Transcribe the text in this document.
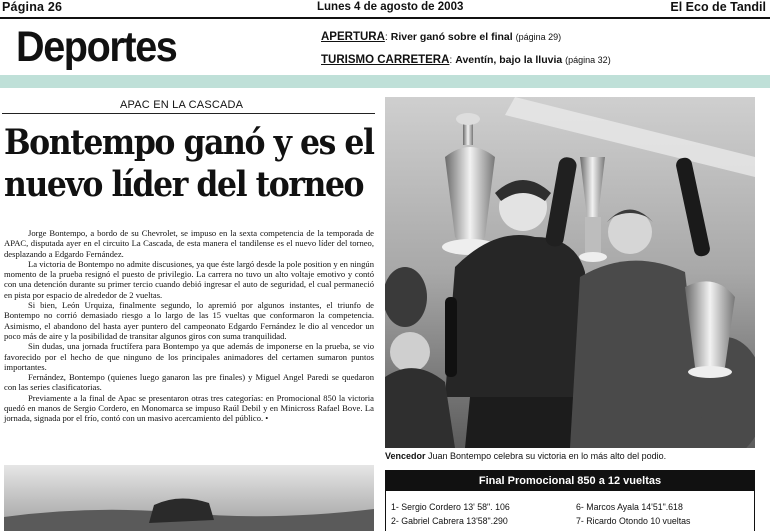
Página 26	Lunes 4 de agosto de 2003	El Eco de Tandil
Deportes	APERTURA: River ganó sobre el final (página 29)
TURISMO CARRETERA: Aventín, bajo la lluvia (página 32)
APAC EN LA CASCADA
Bontempo ganó y es el
nuevo líder del torneo

Jorge Bontempo, a bordo de su Chevrolet, se impuso en la sexta competencia de la temporada de APAC, disputada ayer en el circuito La Cascada, de esta manera el tandilense es el nuevo líder del torneo, desplazando a Edgardo Fernández.

La victoria de Bontempo no admite discusiones, ya que éste largó desde la pole position y en ningún momento de la prueba resignó el puesto de privilegio. La carrera no tuvo un alto voltaje emotivo y contó con una detención durante su primer tercio cuando debió ingresar el auto de seguridad, el cual permaneció en pista por espacio de alrededor de 2 vueltas.

Si bien, León Urquiza, finalmente segundo, lo apremió por algunos instantes, el triunfo de Bontempo no corrió demasiado riesgo a lo largo de las 15 vueltas que conformaron la competencia. Asimismo, el abandono del hasta ayer puntero del campeonato Edgardo Fernández le dio al vencedor un poco más de aire y la posibilidad de transitar algunos giros con suma tranquilidad.

Sin dudas, una jornada fructífera para Bontempo ya que además de imponerse en la prueba, se vio favorecido por el hecho de que ninguno de los principales animadores del certamen sumaron puntos importantes.

Fernández, Bontempo (quienes luego ganaron las pre finales) y Miguel Angel Paredi se quedaron con las series clasificatorias.

Previamente a la final de Apac se presentaron otras tres categorías: en Promocional 850 la victoria quedó en manos de Sergio Cordero, en Monomarca se impuso Raúl Debil y en Minicross Rafael Bove. La jornada, signada por el frío, contó con un masivo acercamiento del público. •

Vencedor Juan Bontempo celebra su victoria en lo más alto del podio.
Final Promocional 850 a 12 vueltas
1- Sergio Cordero 13' 58". 106
2- Gabriel Cabrera 13'58".290
6- Marcos Ayala 14'51".618
7- Ricardo Otondo 10 vueltas
